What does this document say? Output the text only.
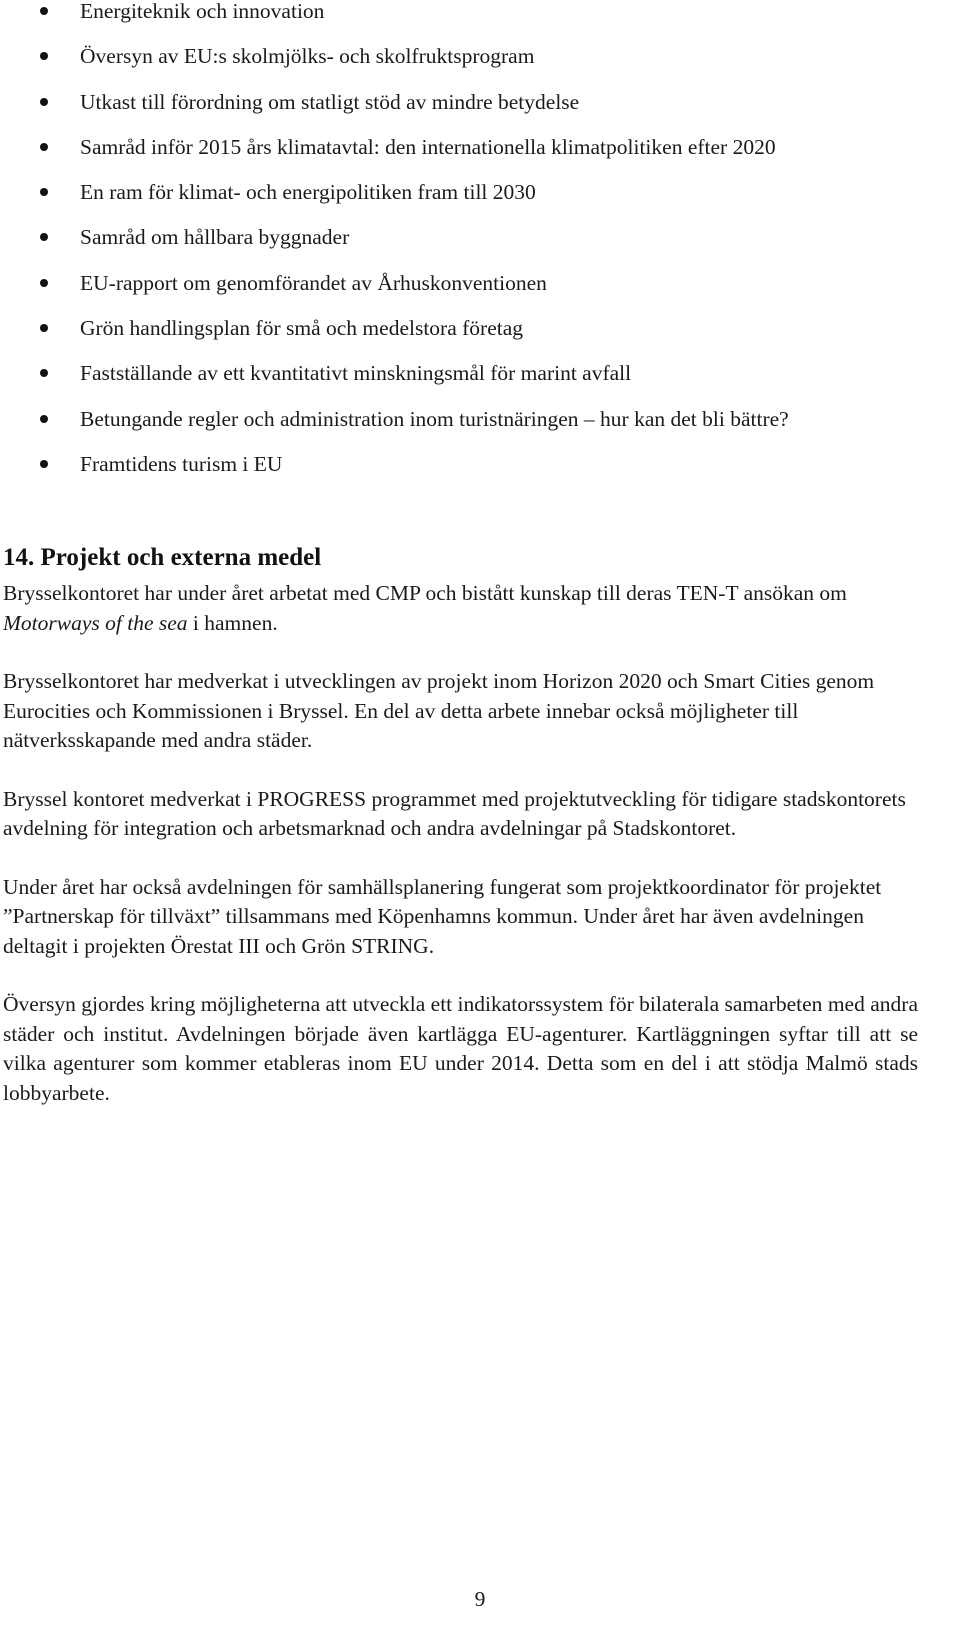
Energiteknik och innovation
Översyn av EU:s skolmjölks- och skolfruktsprogram
Utkast till förordning om statligt stöd av mindre betydelse
Samråd inför 2015 års klimatavtal: den internationella klimatpolitiken efter 2020
En ram för klimat- och energipolitiken fram till 2030
Samråd om hållbara byggnader
EU-rapport om genomförandet av Århuskonventionen
Grön handlingsplan för små och medelstora företag
Fastställande av ett kvantitativt minskningsmål för marint avfall
Betungande regler och administration inom turistnäringen – hur kan det bli bättre?
Framtidens turism i EU
14. Projekt och externa medel

Brysselkontoret har under året arbetat med CMP och bistått kunskap till deras TEN-T ansökan om Motorways of the sea i hamnen.

Brysselkontoret har medverkat i utvecklingen av projekt inom Horizon 2020 och Smart Cities genom Eurocities och Kommissionen i Bryssel. En del av detta arbete innebar också möjligheter till nätverksskapande med andra städer.

Bryssel kontoret medverkat i PROGRESS programmet med projektutveckling för tidigare stadskontorets avdelning för integration och arbetsmarknad och andra avdelningar på Stadskontoret.

Under året har också avdelningen för samhällsplanering fungerat som projektkoordinator för projektet ”Partnerskap för tillväxt” tillsammans med Köpenhamns kommun. Under året har även avdelningen deltagit i projekten Örestat III och Grön STRING.

Översyn gjordes kring möjligheterna att utveckla ett indikatorssystem för bilaterala samarbeten med andra städer och institut. Avdelningen började även kartlägga EU-agenturer. Kartläggningen syftar till att se vilka agenturer som kommer etableras inom EU under 2014. Detta som en del i att stödja Malmö stads lobbyarbete.

9
